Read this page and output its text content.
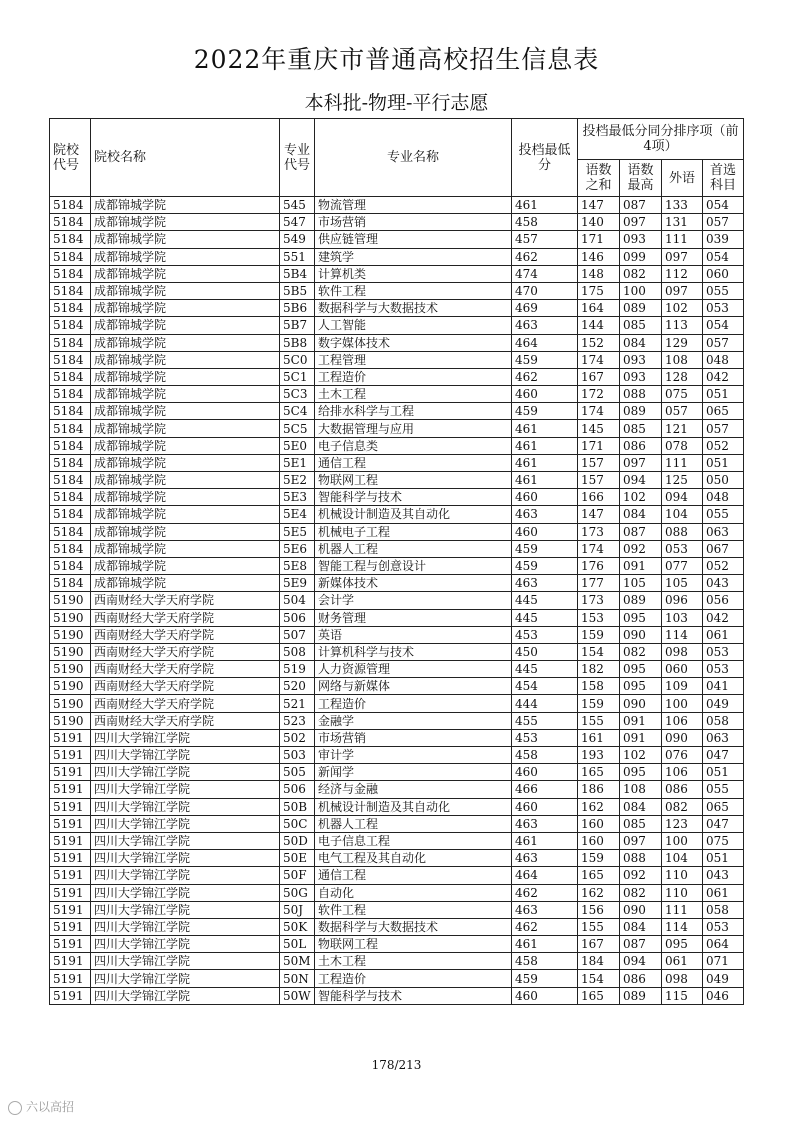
2022年重庆市普通高校招生信息表
本科批-物理-平行志愿
院校代号	院校名称	专业代号	专业名称	投档最低分	投档最低分同分排序项（前4项）			
					语数之和	语数最高	外语	首选科目
5184	成都锦城学院	545	物流管理	461	147	087	133	054
5184	成都锦城学院	547	市场营销	458	140	097	131	057
5184	成都锦城学院	549	供应链管理	457	171	093	111	039
5184	成都锦城学院	551	建筑学	462	146	099	097	054
5184	成都锦城学院	5B4	计算机类	474	148	082	112	060
5184	成都锦城学院	5B5	软件工程	470	175	100	097	055
5184	成都锦城学院	5B6	数据科学与大数据技术	469	164	089	102	053
5184	成都锦城学院	5B7	人工智能	463	144	085	113	054
5184	成都锦城学院	5B8	数字媒体技术	464	152	084	129	057
5184	成都锦城学院	5C0	工程管理	459	174	093	108	048
5184	成都锦城学院	5C1	工程造价	462	167	093	128	042
5184	成都锦城学院	5C3	土木工程	460	172	088	075	051
5184	成都锦城学院	5C4	给排水科学与工程	459	174	089	057	065
5184	成都锦城学院	5C5	大数据管理与应用	461	145	085	121	057
5184	成都锦城学院	5E0	电子信息类	461	171	086	078	052
5184	成都锦城学院	5E1	通信工程	461	157	097	111	051
5184	成都锦城学院	5E2	物联网工程	461	157	094	125	050
5184	成都锦城学院	5E3	智能科学与技术	460	166	102	094	048
5184	成都锦城学院	5E4	机械设计制造及其自动化	463	147	084	104	055
5184	成都锦城学院	5E5	机械电子工程	460	173	087	088	063
5184	成都锦城学院	5E6	机器人工程	459	174	092	053	067
5184	成都锦城学院	5E8	智能工程与创意设计	459	176	091	077	052
5184	成都锦城学院	5E9	新媒体技术	463	177	105	105	043
5190	西南财经大学天府学院	504	会计学	445	173	089	096	056
5190	西南财经大学天府学院	506	财务管理	445	153	095	103	042
5190	西南财经大学天府学院	507	英语	453	159	090	114	061
5190	西南财经大学天府学院	508	计算机科学与技术	450	154	082	098	053
5190	西南财经大学天府学院	519	人力资源管理	445	182	095	060	053
5190	西南财经大学天府学院	520	网络与新媒体	454	158	095	109	041
5190	西南财经大学天府学院	521	工程造价	444	159	090	100	049
5190	西南财经大学天府学院	523	金融学	455	155	091	106	058
5191	四川大学锦江学院	502	市场营销	453	161	091	090	063
5191	四川大学锦江学院	503	审计学	458	193	102	076	047
5191	四川大学锦江学院	505	新闻学	460	165	095	106	051
5191	四川大学锦江学院	506	经济与金融	466	186	108	086	055
5191	四川大学锦江学院	50B	机械设计制造及其自动化	460	162	084	082	065
5191	四川大学锦江学院	50C	机器人工程	463	160	085	123	047
5191	四川大学锦江学院	50D	电子信息工程	461	160	097	100	075
5191	四川大学锦江学院	50E	电气工程及其自动化	463	159	088	104	051
5191	四川大学锦江学院	50F	通信工程	464	165	092	110	043
5191	四川大学锦江学院	50G	自动化	462	162	082	110	061
5191	四川大学锦江学院	50J	软件工程	463	156	090	111	058
5191	四川大学锦江学院	50K	数据科学与大数据技术	462	155	084	114	053
5191	四川大学锦江学院	50L	物联网工程	461	167	087	095	064
5191	四川大学锦江学院	50M	土木工程	458	184	094	061	071
5191	四川大学锦江学院	50N	工程造价	459	154	086	098	049
5191	四川大学锦江学院	50W	智能科学与技术	460	165	089	115	046
178/213
六以高招
